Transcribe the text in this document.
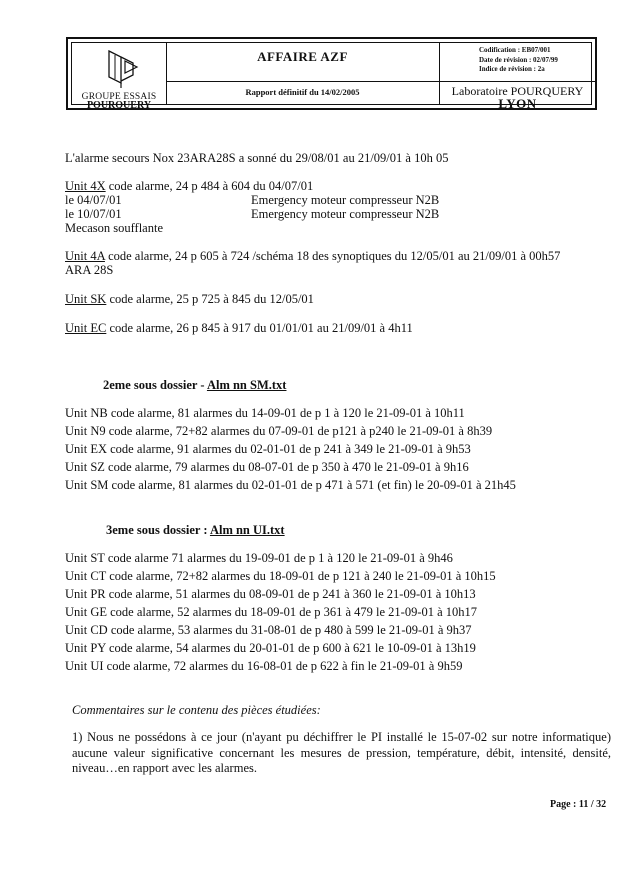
GROUPE ESSAIS
POURQUERY
AFFAIRE AZF
Rapport définitif du 14/02/2005
Codification : EB07/001
Date de révision : 02/07/99
Indice de révision : 2a
Laboratoire POURQUERY
LYON
L'alarme secours Nox 23ARA28S a sonné du 29/08/01 au 21/09/01 à 10h 05
Unit 4X code alarme, 24 p 484 à 604 du 04/07/01
le 04/07/01	Emergency moteur compresseur N2B
le 10/07/01	Emergency moteur compresseur N2B
Mecason soufflante
Unit 4A code alarme, 24 p 605 à 724 /schéma 18 des synoptiques du 12/05/01 au 21/09/01 à 00h57
ARA 28S
Unit SK code alarme, 25 p 725 à 845 du 12/05/01
Unit EC code alarme, 26 p 845 à 917 du 01/01/01 au 21/09/01 à 4h11
2eme sous dossier - Alm nn SM.txt
Unit NB code alarme, 81 alarmes du 14-09-01 de p 1 à 120 le 21-09-01 à 10h11
Unit N9 code alarme, 72+82 alarmes du 07-09-01 de p121 à p240 le 21-09-01 à 8h39
Unit EX code alarme, 91 alarmes du 02-01-01 de p 241 à 349 le 21-09-01 à 9h53
Unit SZ code alarme, 79 alarmes du 08-07-01 de p 350 à 470 le 21-09-01 à 9h16
Unit SM code alarme, 81 alarmes du 02-01-01 de p 471 à 571 (et fin) le 20-09-01 à 21h45
3eme sous dossier : Alm nn UI.txt
Unit ST code alarme 71 alarmes du 19-09-01 de p 1 à 120 le 21-09-01 à 9h46
Unit CT code alarme, 72+82 alarmes du 18-09-01 de p 121 à 240 le 21-09-01 à 10h15
Unit PR code alarme, 51 alarmes du 08-09-01 de p 241 à 360 le 21-09-01 à 10h13
Unit GE code alarme, 52 alarmes du 18-09-01 de p 361 à 479 le 21-09-01 à 10h17
Unit CD code alarme, 53 alarmes du 31-08-01 de p 480 à 599 le 21-09-01 à 9h37
Unit PY code alarme, 54 alarmes du 20-01-01 de p 600 à 621 le 10-09-01 à 13h19
Unit UI code alarme, 72 alarmes du 16-08-01 de p 622 à fin le 21-09-01 à 9h59
Commentaires sur le contenu des pièces étudiées:
1) Nous ne possédons à ce jour (n'ayant pu déchiffrer le PI installé le 15-07-02 sur notre informatique) aucune valeur significative concernant les mesures de pression, température, débit, intensité, densité, niveau…en rapport avec les alarmes.
Page : 11 / 32
